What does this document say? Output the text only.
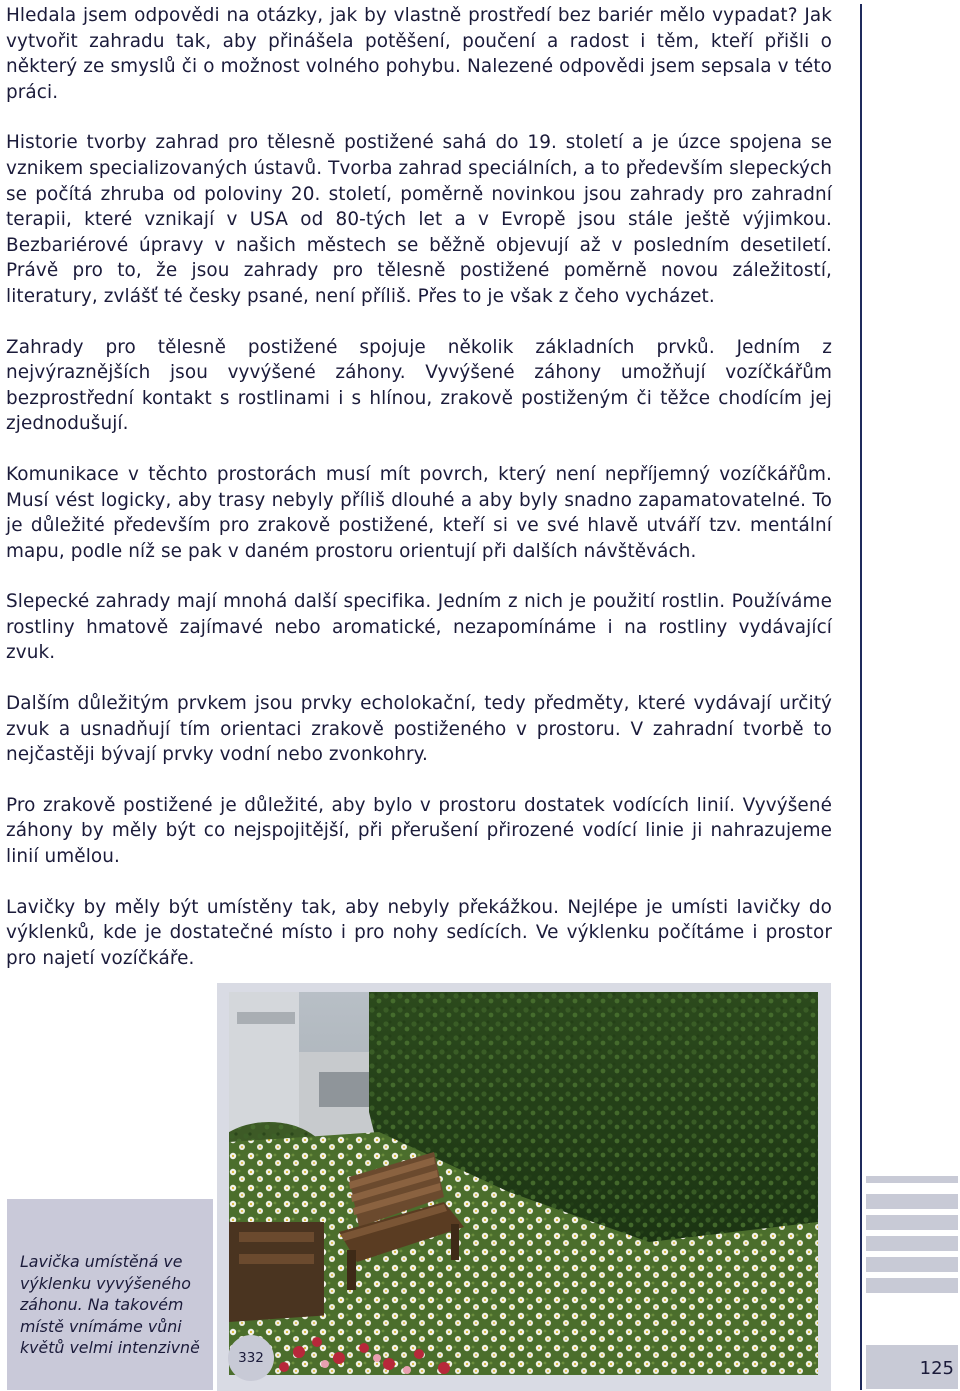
Hledala jsem odpovědi na otázky, jak by vlastně prostředí bez bariér mělo vypadat? Jak vytvořit zahradu tak, aby přinášela potěšení, poučení a radost i těm, kteří přišli o některý ze smyslů či o možnost volného pohybu. Nalezené odpovědi jsem sepsala v této práci.

Historie tvorby zahrad pro tělesně postižené sahá do 19. století a je úzce spojena se vznikem specializovaných ústavů. Tvorba zahrad speciálních, a to především slepeckých se počítá zhruba od poloviny 20. století, poměrně novinkou jsou zahrady pro zahradní terapii, které vznikají v USA od 80-tých let a v Evropě jsou stále ještě výjimkou. Bezbariérové úpravy v našich městech se běžně objevují až v posledním desetiletí. Právě pro to, že jsou zahrady pro tělesně postižené poměrně novou záležitostí, literatury, zvlášť té česky psané, není příliš. Přes to je však z čeho vycházet.

Zahrady pro tělesně postižené spojuje několik základních prvků. Jedním z nejvýraznějších jsou vyvýšené záhony. Vyvýšené záhony umožňují vozíčkářům bezprostřední kontakt s rostlinami i s hlínou, zrakově postiženým či těžce chodícím jej zjednodušují.

Komunikace v těchto prostorách musí mít povrch, který není nepříjemný vozíčkářům. Musí vést logicky, aby trasy nebyly příliš dlouhé a aby byly snadno zapamatovatelné. To je důležité především pro zrakově postižené, kteří si ve své hlavě utváří tzv. mentální mapu, podle níž se pak v daném prostoru orientují při dalších návštěvách.

Slepecké zahrady mají mnohá další specifika. Jedním z nich je použití rostlin. Používáme rostliny hmatově zajímavé nebo aromatické, nezapomínáme i na rostliny vydávající zvuk.

Dalším důležitým prvkem jsou prvky echolokační, tedy předměty, které vydávají určitý zvuk a usnadňují tím orientaci zrakově postiženého v prostoru. V zahradní tvorbě to nejčastěji bývají prvky vodní nebo zvonkohry.

Pro zrakově postižené je důležité, aby bylo v prostoru dostatek vodících linií. Vyvýšené záhony by měly být co nejspojitější, při přerušení přirozené vodící linie ji nahrazujeme linií umělou.

Lavičky by měly být umístěny tak, aby nebyly překážkou. Nejlépe je umísti lavičky do výklenků, kde je dostatečné místo i pro nohy sedících. Ve výklenku počítáme i prostor pro najetí vozíčkáře.

Lavička umístěná ve výklenku vyvýšeného záhonu. Na takovém místě vnímáme vůni květů velmi intenzivně

332	125
